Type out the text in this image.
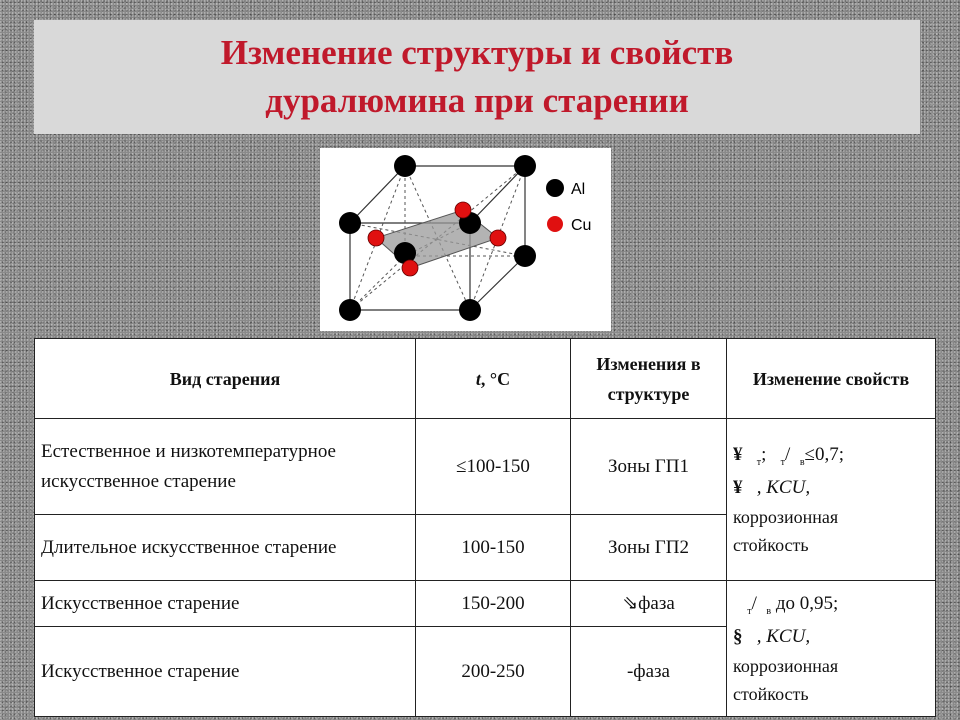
Изменение структуры и свойств
дуралюмина при старении
Al
Cu
Вид старения	t, °C	Изменения в структуре	Изменение свойств
Естественное и низкотемпературное искусственное старение	≤100-150	Зоны ГП1	¥ $_т$; $_т$/ $_в$≤0,7;
¥ , KCU,
коррозионная
стойкость

Длительное искусственное старение	100-150	Зоны ГП2	
Искусственное старение	150-200	⇘фаза	$_т$/ $_в$ до 0,95;
§ , KCU,
коррозионная
стойкость

Искусственное старение	200-250	-фаза	
